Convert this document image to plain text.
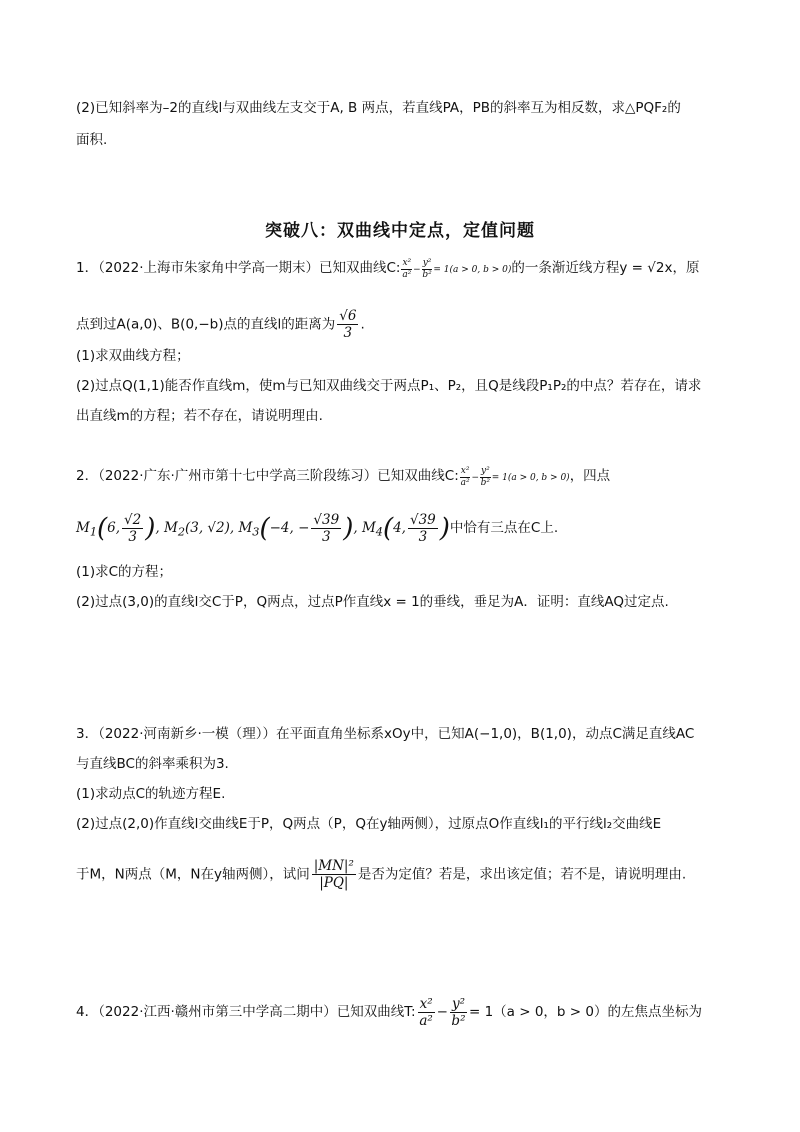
(2)已知斜率为–2的直线l与双曲线左支交于A, B 两点，若直线PA，PB的斜率互为相反数，求△PQF₂的
面积.
突破八：双曲线中定点，定值问题
1．（2022·上海市朱家角中学高一期末）已知双曲线C: $\frac{\text{x²}}{\text{a²}} - \frac{\text{y²}}{\text{b²}} = 1(a > 0$, b > 0)的一条渐近线方程y = √2x，原
点到过A(a,0)、B(0,−b)点的直线l的距离为 $\frac{√6}{3}$ .
(1)求双曲线方程；
(2)过点Q(1,1)能否作直线m，使m与已知双曲线交于两点P₁、P₂，且Q是线段P₁P₂的中点？若存在，请求
出直线m的方程；若不存在，请说明理由.
2．（2022·广东·广州市第十七中学高三阶段练习）已知双曲线C: $\frac{\text{x²}}{\text{a²}} - \frac{\text{y²}}{\text{b²}} = 1(a > 0$, b > 0)，四点
$M_1(6$, $\frac{√2}{3}$ ), $M_2(3$, √2), $M_3(-4$, − $\frac{√39}{3}$ ), $M_4(4$, $\frac{√39}{3}$ )中恰有三点在C上.
(1)求C的方程；
(2)过点(3,0)的直线l交C于P，Q两点，过点P作直线x = 1的垂线，垂足为A．证明：直线AQ过定点.
3．（2022·河南新乡·一模（理））在平面直角坐标系xOy中，已知A(−1,0)，B(1,0)，动点C满足直线AC
与直线BC的斜率乘积为3.
(1)求动点C的轨迹方程E.
(2)过点(2,0)作直线l交曲线E于P，Q两点（P，Q在y轴两侧），过原点O作直线l₁的平行线l₂交曲线E
于M，N两点（M，N在y轴两侧），试问 $\frac{\text{|MN|²}}{|PQ|}$ 是否为定值？若是，求出该定值；若不是，请说明理由.
4．（2022·江西·赣州市第三中学高二期中）已知双曲线T: $\frac{\text{x²}}{\text{a²}} - \frac{\text{y²}}{\text{b²}} = 1(a > 0$，b > 0）的左焦点坐标为
